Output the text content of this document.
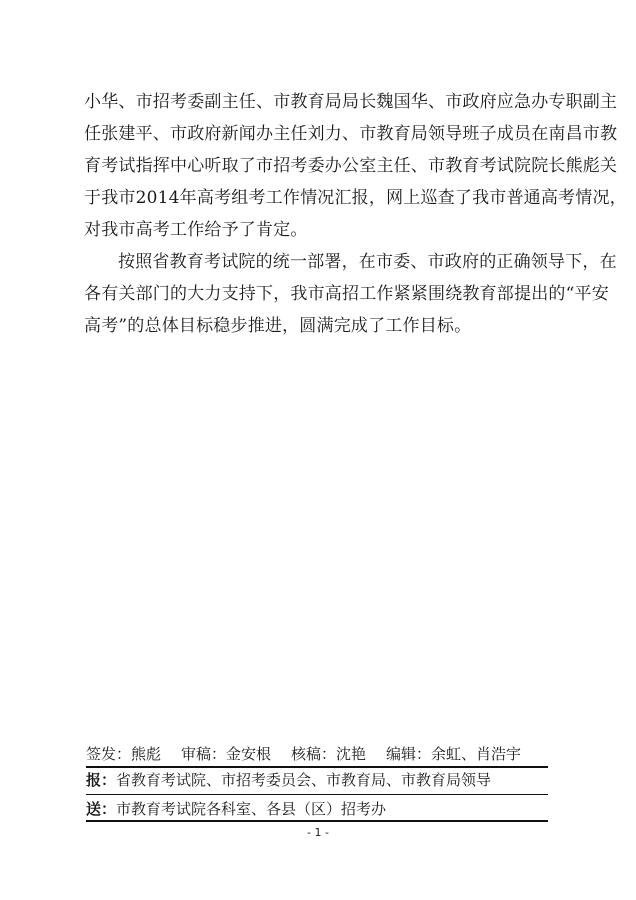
小华、市招考委副主任、市教育局局长魏国华、市政府应急办专职副主
任张建平、市政府新闻办主任刘力、市教育局领导班子成员在南昌市教
育考试指挥中心听取了市招考委办公室主任、市教育考试院院长熊彪关
于我市2014年高考组考工作情况汇报，网上巡查了我市普通高考情况，
对我市高考工作给予了肯定。
按照省教育考试院的统一部署，在市委、市政府的正确领导下，在
各有关部门的大力支持下，我市高招工作紧紧围绕教育部提出的“平安
高考”的总体目标稳步推进，圆满完成了工作目标。
签发：熊彪 审稿：金安根 核稿：沈艳 编辑：余虹、肖浩宇
报：省教育考试院、市招考委员会、市教育局、市教育局领导
送：市教育考试院各科室、各县（区）招考办
- 1 -
